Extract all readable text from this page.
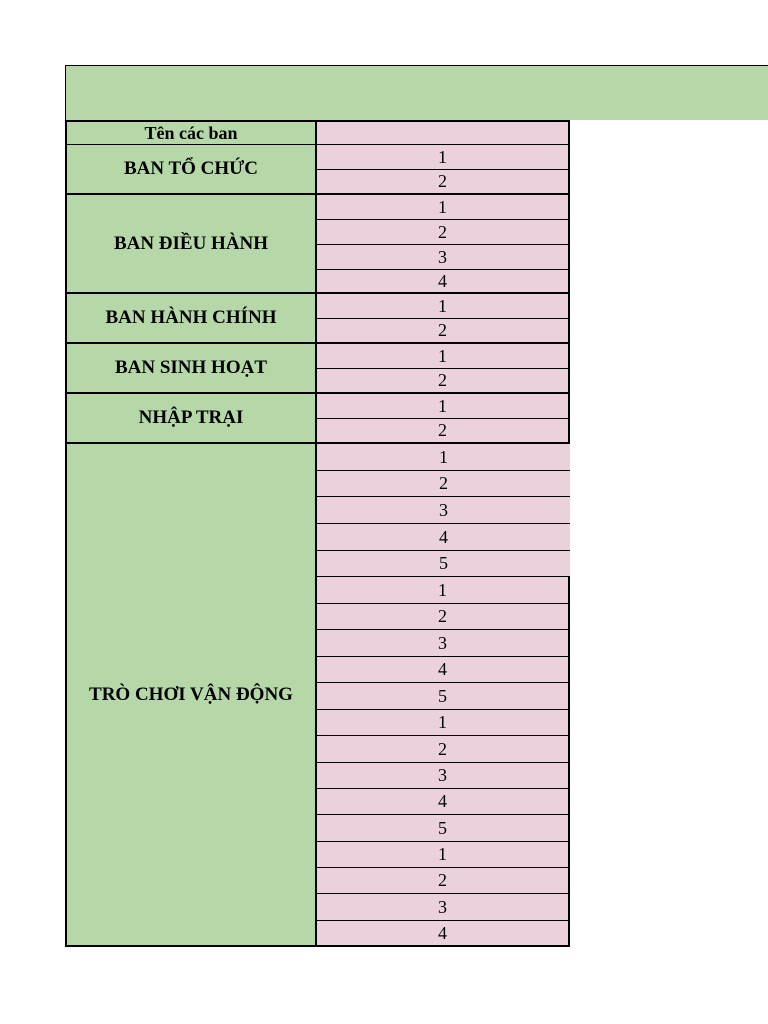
Tên các ban
BAN TỔ CHỨC
1
2
BAN ĐIỀU HÀNH
1
2
3
4
BAN HÀNH CHÍNH
1
2
BAN SINH HOẠT
1
2
NHẬP TRẠI
1
2
TRÒ CHƠI VẬN ĐỘNG
1
2
3
4
5
1
2
3
4
5
1
2
3
4
5
1
2
3
4
